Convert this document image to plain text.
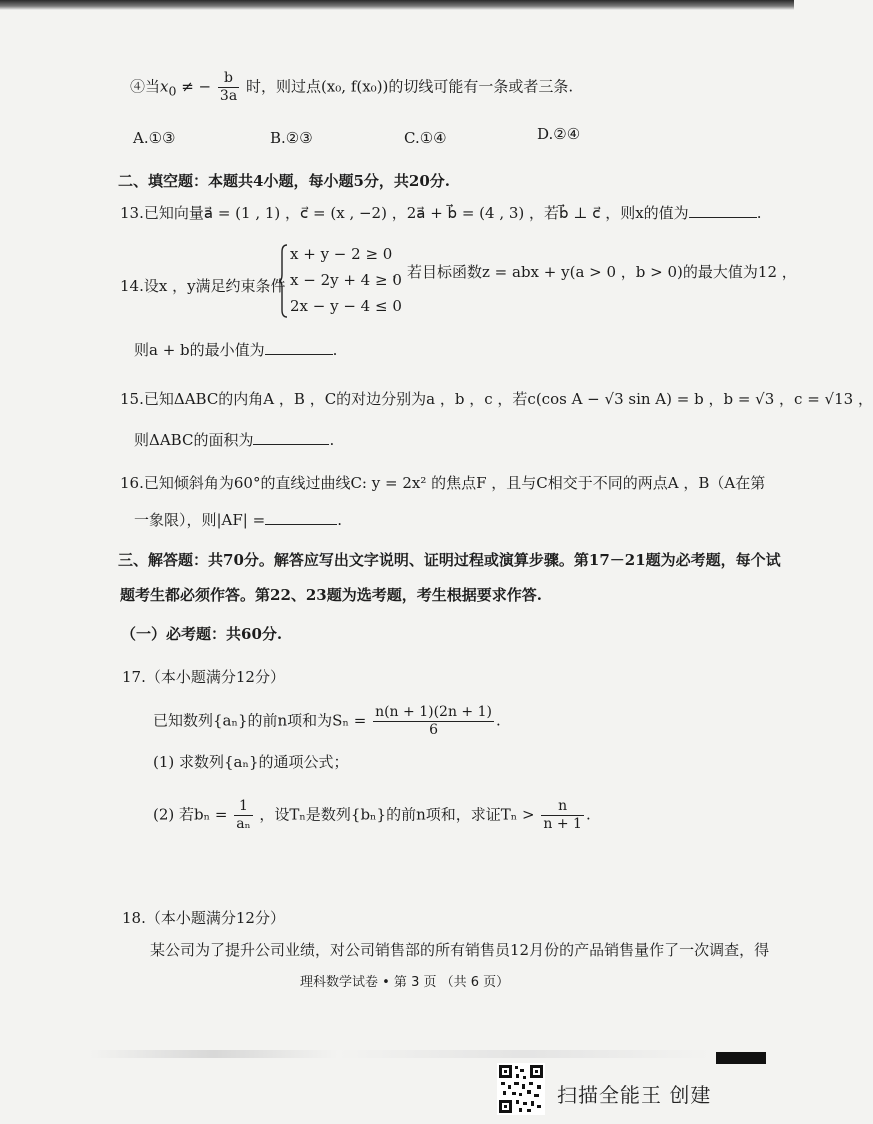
④当$x_0$ ≠ − $\frac{b}{3a}$ 时，则过点(x₀, f(x₀))的切线可能有一条或者三条.
A.①③	B.②③	C.①④	D.②④
二、填空题：本题共4小题，每小题5分，共20分.
13.已知向量a⃗ = (1 , 1) ，c⃗ = (x , −2) ，2a⃗ + b⃗ = (4 , 3) ，若b⃗ ⊥ c⃗ ，则x的值为	.
14.设x ，y满足约束条件
x + y − 2 ≥ 0
x − 2y + 4 ≥ 0
2x − y − 4 ≤ 0
，若目标函数z = abx + y(a > 0 ，b > 0)的最大值为12 ，
则a + b的最小值为	.
15.已知ΔABC的内角A ，B ，C的对边分别为a ，b ，c ，若c(cos A − √3 sin A) = b ，b = √3 ，c = √13 ，
则ΔABC的面积为	.
16.已知倾斜角为60°的直线过曲线C: y = 2x² 的焦点F ，且与C相交于不同的两点A ，B（A在第
一象限），则|AF| =	.
三、解答题：共70分。解答应写出文字说明、证明过程或演算步骤。第17－21题为必考题，每个试
题考生都必须作答。第22、23题为选考题，考生根据要求作答.
（一）必考题：共60分.
17.（本小题满分12分）
已知数列{aₙ}的前n项和为$S_n = \frac{n(n + 1)(2n + 1)}{6}$ .
(1) 求数列{aₙ}的通项公式；
(2) 若$b_n = \frac{1}{\text{aₙ}}$ ，设Tₙ是数列{bₙ}的前n项和，求证$T_n > \frac{n}{n + 1}$ .
18.（本小题满分12分）
某公司为了提升公司业绩，对公司销售部的所有销售员12月份的产品销售量作了一次调查，得
理科数学试卷 • 第 3 页 （共 6 页）
扫描全能王 创建
